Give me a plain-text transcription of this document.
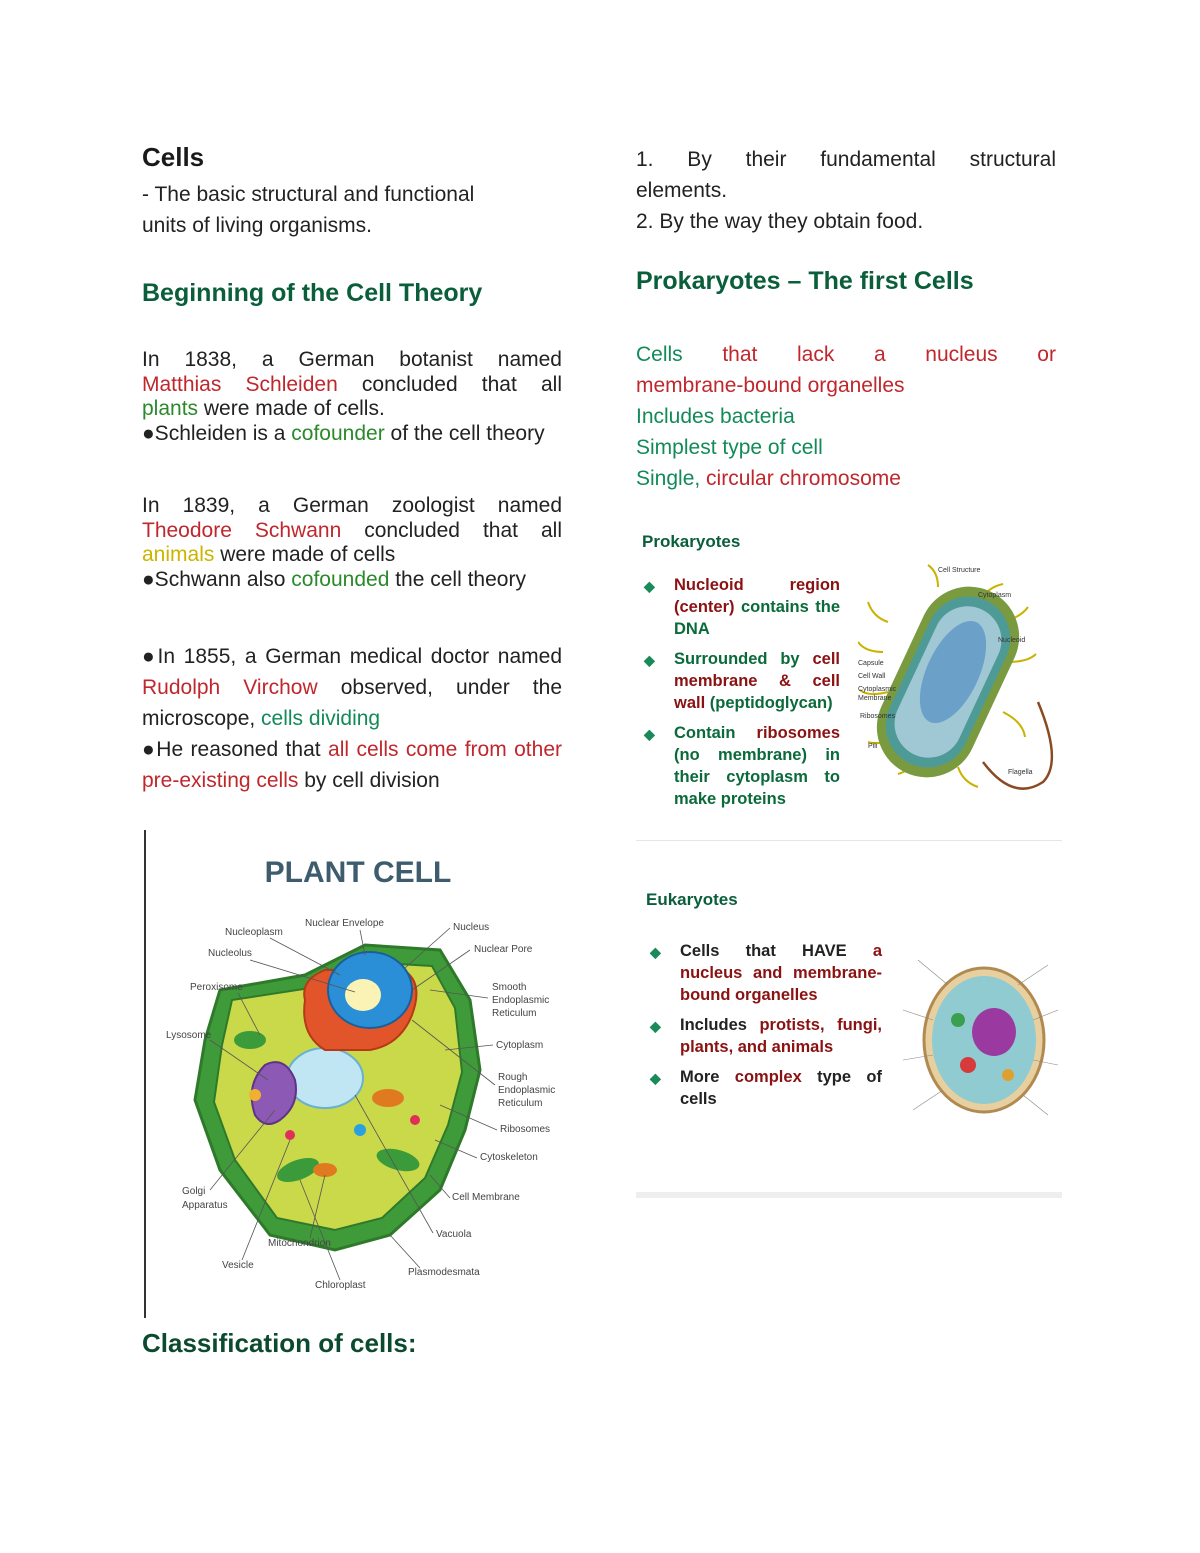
Cells
- The basic structural and functional
units of living organisms.
Beginning of the Cell Theory
In 1838, a German botanist named
Matthias Schleiden concluded that all
plants were made of cells.
●Schleiden is a cofounder of the cell theory
In 1839, a German zoologist named
Theodore Schwann concluded that all
animals were made of cells
●Schwann also cofounded the cell theory
●In 1855, a German medical doctor named Rudolph Virchow observed, under the microscope, cells dividing
●He reasoned that all cells come from other pre-existing cells by cell division
PLANT CELL
Nucleoplasm
Nuclear Envelope	Nucleus
Nucleolus	Nuclear Pore
Peroxisome	Smooth
Endoplasmic
Reticulum
Lysosome
Cytoplasm
Rough
Endoplasmic
Reticulum
Ribosomes
Cytoskeleton
Golgi
Apparatus
Cell Membrane
Vacuola
Mitochondrion
Vesicle
Plasmodesmata
Chloroplast
Classification of cells:
1. By their fundamental structural
elements.
2. By the way they obtain food.
Prokaryotes – The first Cells
Cells that lack a nucleus or
membrane-bound organelles
Includes bacteria
Simplest type of cell
Single, circular chromosome
Prokaryotes
◆ Nucleoid region (center) contains the DNA
◆ Surrounded by cell membrane & cell wall (peptidoglycan)
◆ Contain ribosomes (no membrane) in their cytoplasm to make proteins
Cell Structure
Cytoplasm
Nucleoid
Capsule
Cell Wall
Cytoplasmic
Membrane
Ribosomes
Pili
Flagella
Eukaryotes
◆ Cells that HAVE a nucleus and membrane-bound organelles
◆ Includes protists, fungi, plants, and animals
◆ More complex type of cells
